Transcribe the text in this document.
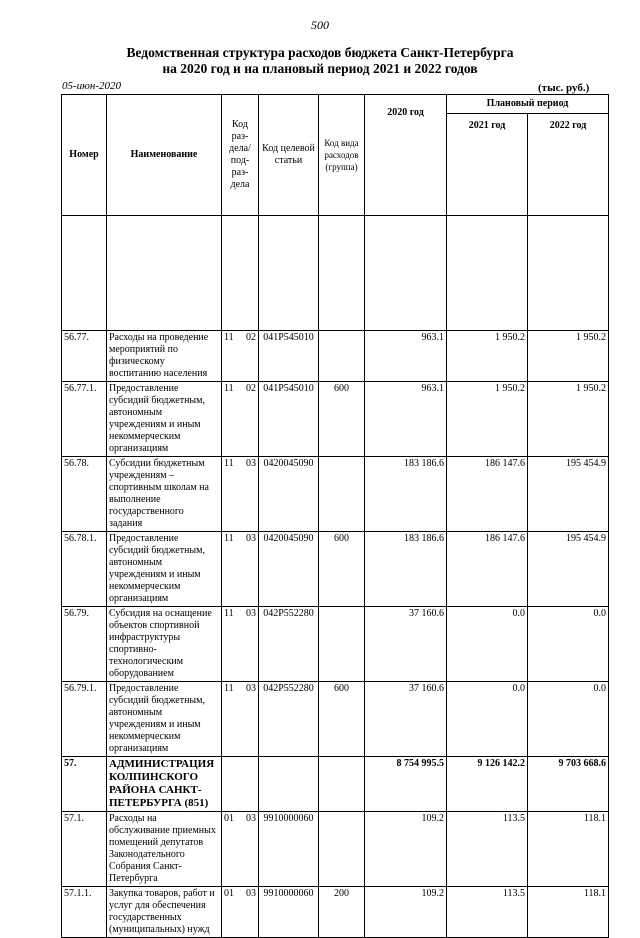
500
Ведомственная структура расходов бюджета Санкт-Петербурга
на 2020 год и на плановый период 2021 и 2022 годов
05-июн-2020	(тыс. руб.)
Номер	Наименование	Код раз-дела/ под-раз-дела	Код целевой статьи	Код вида расходов (группа)	2020 год	Плановый период	
						2021 год	2022 год

56.77.	Расходы на проведение мероприятий по физическому воспитанию населения	11 02	041P545010		963.1	1 950.2	1 950.2
56.77.1.	Предоставление субсидий бюджетным, автономным учреждениям и иным некоммерческим организациям	11 02	041P545010	600	963.1	1 950.2	1 950.2
56.78.	Субсидии бюджетным учреждениям – спортивным школам на выполнение государственного задания	11 03	0420045090		183 186.6	186 147.6	195 454.9
56.78.1.	Предоставление субсидий бюджетным, автономным учреждениям и иным некоммерческим организациям	11 03	0420045090	600	183 186.6	186 147.6	195 454.9
56.79.	Субсидия на оснащение объектов спортивной инфраструктуры спортивно-технологическим оборудованием	11 03	042P552280		37 160.6	0.0	0.0
56.79.1.	Предоставление субсидий бюджетным, автономным учреждениям и иным некоммерческим организациям	11 03	042P552280	600	37 160.6	0.0	0.0
57.	АДМИНИСТРАЦИЯ КОЛПИНСКОГО РАЙОНА САНКТ-ПЕТЕРБУРГА (851)				8 754 995.5	9 126 142.2	9 703 668.6
57.1.	Расходы на обслуживание приемных помещений депутатов Законодательного Собрания Санкт-Петербурга	01 03	9910000060		109.2	113.5	118.1
57.1.1.	Закупка товаров, работ и услуг для обеспечения государственных (муниципальных) нужд	01 03	9910000060	200	109.2	113.5	118.1
